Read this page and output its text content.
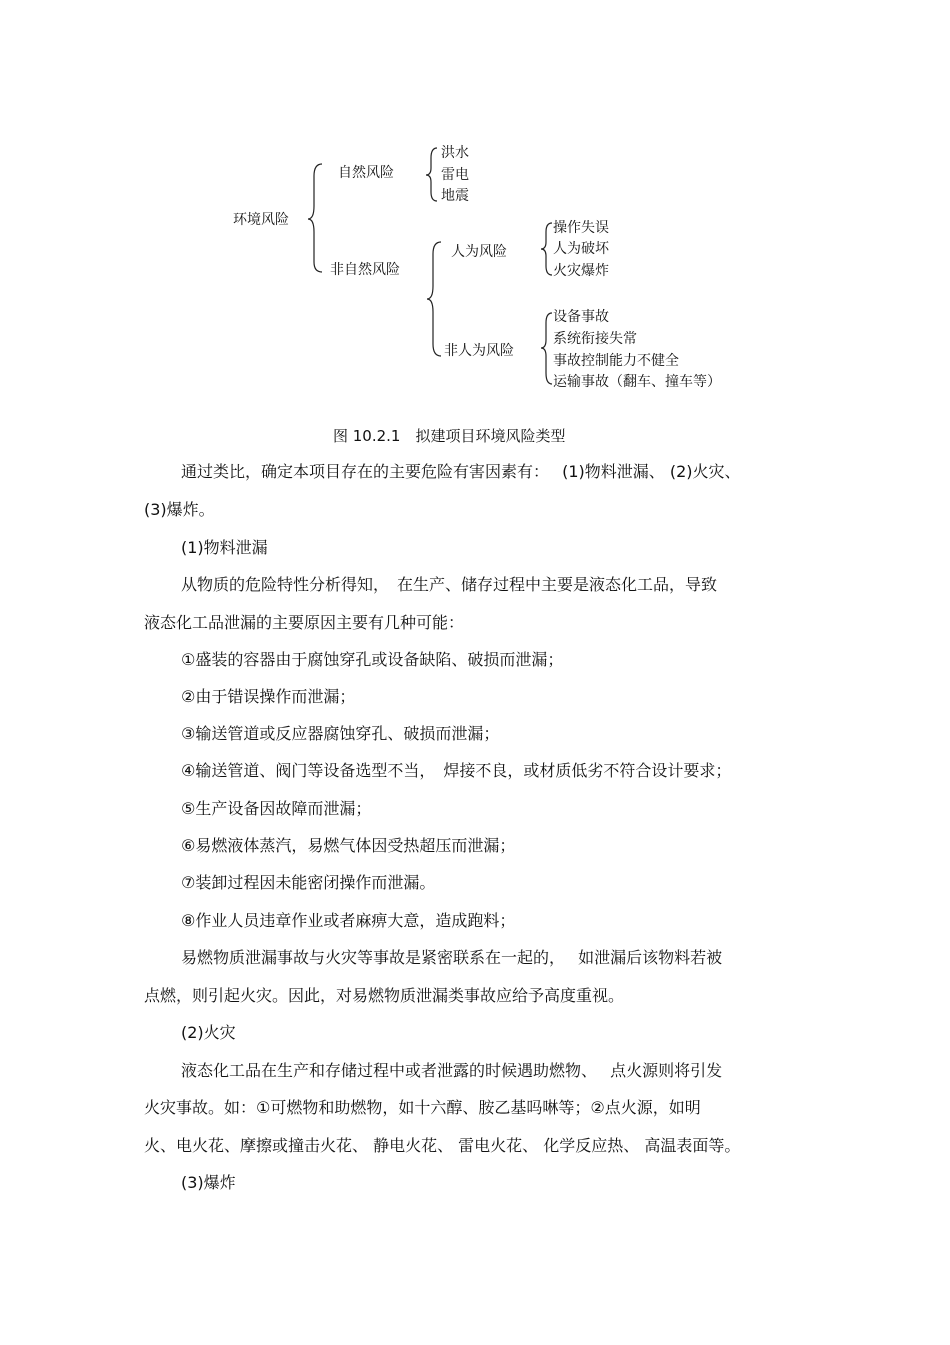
环境风险
自然风险
洪水
雷电
地震
非自然风险
人为风险
操作失误
人为破坏
火灾爆炸
非人为风险
设备事故
系统衔接失常
事故控制能力不健全
运输事故（翻车、撞车等）
图 10.2.1　拟建项目环境风险类型
通过类比，确定本项目存在的主要危险有害因素有：　 (1)物料泄漏、 (2)火灾、
(3)爆炸。
(1)物料泄漏
从物质的危险特性分析得知，　在生产、储存过程中主要是液态化工品，导致
液态化工品泄漏的主要原因主要有几种可能：
①盛装的容器由于腐蚀穿孔或设备缺陷、破损而泄漏；
②由于错误操作而泄漏；
③输送管道或反应器腐蚀穿孔、破损而泄漏；
④输送管道、阀门等设备选型不当，　焊接不良，或材质低劣不符合设计要求；
⑤生产设备因故障而泄漏；
⑥易燃液体蒸汽，易燃气体因受热超压而泄漏；
⑦装卸过程因未能密闭操作而泄漏。
⑧作业人员违章作业或者麻痹大意，造成跑料；
易燃物质泄漏事故与火灾等事故是紧密联系在一起的，　 如泄漏后该物料若被
点燃，则引起火灾。因此，对易燃物质泄漏类事故应给予高度重视。
(2)火灾
液态化工品在生产和存储过程中或者泄露的时候遇助燃物、　 点火源则将引发
火灾事故。如：①可燃物和助燃物，如十六醇、胺乙基吗啉等；②点火源，如明
火、电火花、摩擦或撞击火花、 静电火花、 雷电火花、 化学反应热、 高温表面等。
(3)爆炸
